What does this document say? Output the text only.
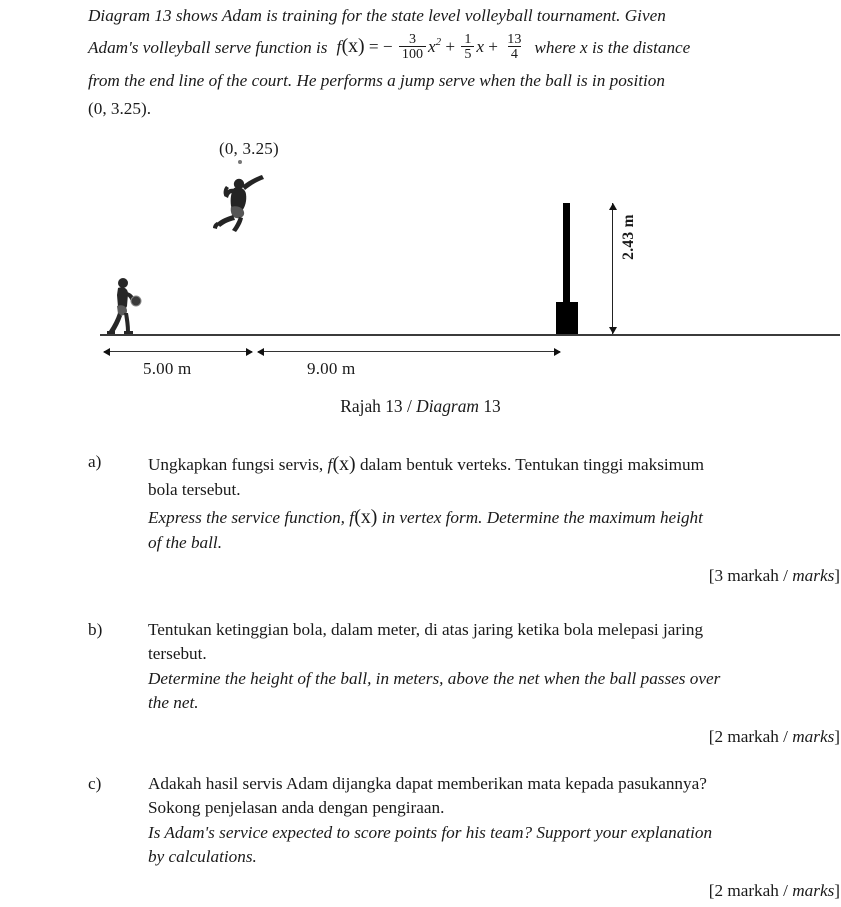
Diagram 13 shows Adam is training for the state level volleyball tournament. Given
Adam's volleyball serve function is f(x) = − $\frac{3}{100} x^2 + \frac{1}{5}$ $x + \frac{13}{4}$ where x is the distance
from the end line of the court. He performs a jump serve when the ball is in position
(0, 3.25).
(0, 3.25)
2.43 m
5.00 m	9.00 m
Rajah 13 / Diagram 13
a)	Ungkapkan fungsi servis, f(x) dalam bentuk verteks. Tentukan tinggi maksimum
bola tersebut.
Express the service function, f(x) in vertex form. Determine the maximum height
of the ball.
[3 markah / marks]
b)	Tentukan ketinggian bola, dalam meter, di atas jaring ketika bola melepasi jaring
tersebut.
Determine the height of the ball, in meters, above the net when the ball passes over
the net.
[2 markah / marks]
c)	Adakah hasil servis Adam dijangka dapat memberikan mata kepada pasukannya?
Sokong penjelasan anda dengan pengiraan.
Is Adam's service expected to score points for his team? Support your explanation
by calculations.
[2 markah / marks]
